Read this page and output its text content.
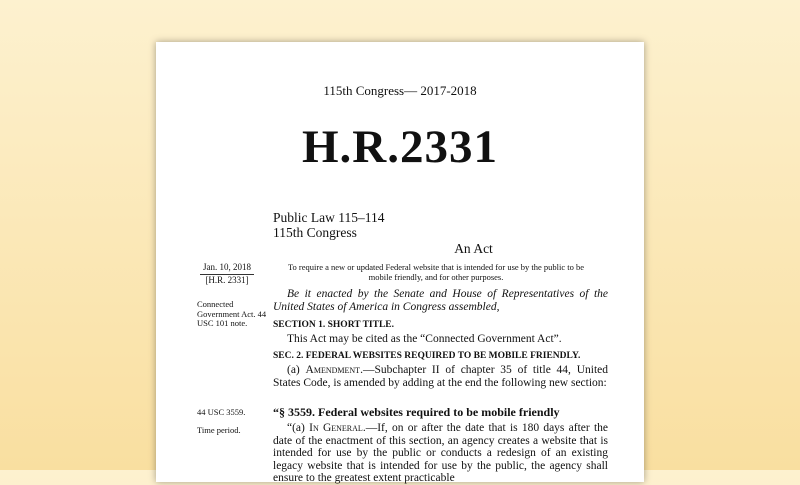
115th Congress— 2017-2018
H.R.2331
Public Law 115–114
115th Congress
An Act
Jan. 10, 2018
[H.R. 2331]
To require a new or updated Federal website that is intended for use by the public to be mobile friendly, and for other purposes.
Be it enacted by the Senate and House of Representatives of the United States of America in Congress assembled,
Connected Government Act. 44 USC 101 note.	SECTION 1. SHORT TITLE.
This Act may be cited as the “Connected Government Act”.
SEC. 2. FEDERAL WEBSITES REQUIRED TO BE MOBILE FRIENDLY.
(a) Amendment.—Subchapter II of chapter 35 of title 44, United States Code, is amended by adding at the end the following new section:
44 USC 3559. “§ 3559. Federal websites required to be mobile friendly
Time period.	“(a) In General.—If, on or after the date that is 180 days after the date of the enactment of this section, an agency creates a website that is intended for use by the public or conducts a redesign of an existing legacy website that is intended for use by the public, the agency shall ensure to the greatest extent practicable
